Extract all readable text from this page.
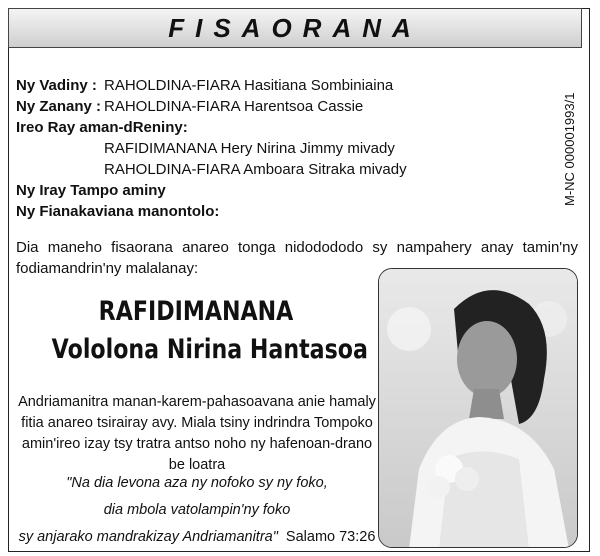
FISAORANA
M-NC 000001993/1
Ny Vadiny : RAHOLDINA-FIARA Hasitiana Sombiniaina
Ny Zanany : RAHOLDINA-FIARA Harentsoa Cassie
Ireo Ray aman-dReniny:
RAFIDIMANANA Hery Nirina Jimmy mivady
RAHOLDINA-FIARA Amboara Sitraka mivady
Ny Iray Tampo aminy
Ny Fianakaviana manontolo:
Dia maneho fisaorana anareo tonga nidodododo sy nampahery anay tamin'ny fodiamandrin'ny malalanay:
RAFIDIMANANA
Vololona Nirina Hantasoa
Andriamanitra manan-karem-pahasoavana anie hamaly fitia anareo tsirairay avy. Miala tsiny indrindra Tompoko amin'ireo izay tsy tratra antso noho ny hafenoan-drano be loatra
"Na dia levona aza ny nofoko sy ny foko,
dia mbola vatolampin'ny foko
sy anjarako mandrakizay Andriamanitra" Salamo 73:26
